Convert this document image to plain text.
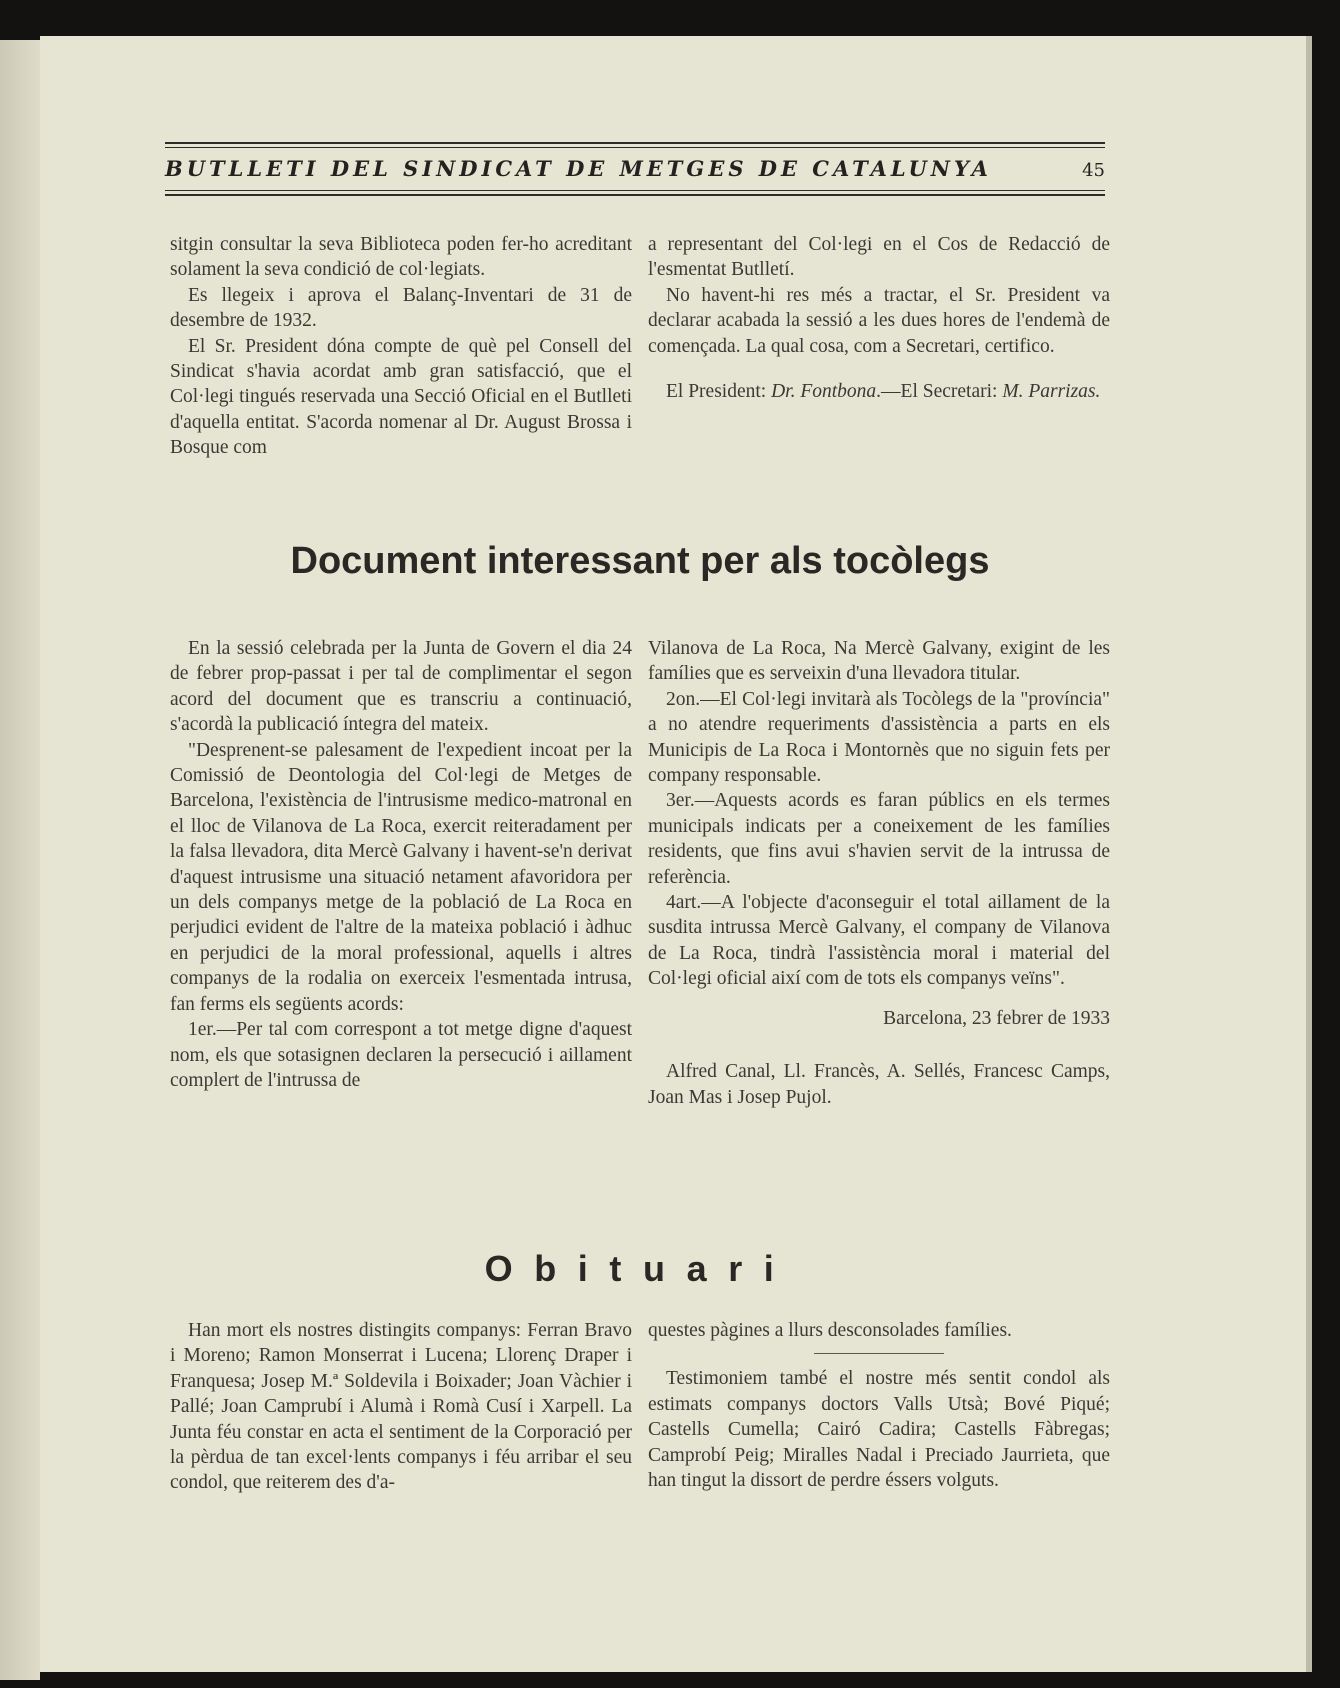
BUTLLETI DEL SINDICAT DE METGES DE CATALUNYA	45

sitgin consultar la seva Biblioteca poden fer-ho acreditant solament la seva condició de col·legiats.

Es llegeix i aprova el Balanç-Inventari de 31 de desembre de 1932.

El Sr. President dóna compte de què pel Consell del Sindicat s'havia acordat amb gran satisfacció, que el Col·legi tingués reservada una Secció Oficial en el Butlleti d'aquella entitat. S'acorda nomenar al Dr. August Brossa i Bosque com

a representant del Col·legi en el Cos de Redacció de l'esmentat Butlletí.

No havent-hi res més a tractar, el Sr. President va declarar acabada la sessió a les dues hores de l'endemà de començada. La qual cosa, com a Secretari, certifico.

El President: Dr. Fontbona.—El Secretari: M. Parrizas.

Document interessant per als tocòlegs

En la sessió celebrada per la Junta de Govern el dia 24 de febrer prop-passat i per tal de complimentar el segon acord del document que es transcriu a continuació, s'acordà la publicació íntegra del mateix.

"Desprenent-se palesament de l'expedient incoat per la Comissió de Deontologia del Col·legi de Metges de Barcelona, l'existència de l'intrusisme medico-matronal en el lloc de Vilanova de La Roca, exercit reiteradament per la falsa llevadora, dita Mercè Galvany i havent-se'n derivat d'aquest intrusisme una situació netament afavoridora per un dels companys metge de la població de La Roca en perjudici evident de l'altre de la mateixa població i àdhuc en perjudici de la moral professional, aquells i altres companys de la rodalia on exerceix l'esmentada intrusa, fan ferms els següents acords:

1er.—Per tal com correspont a tot metge digne d'aquest nom, els que sotasignen declaren la persecució i aillament complert de l'intrussa de

Vilanova de La Roca, Na Mercè Galvany, exigint de les famílies que es serveixin d'una llevadora titular.

2on.—El Col·legi invitarà als Tocòlegs de la "província" a no atendre requeriments d'assistència a parts en els Municipis de La Roca i Montornès que no siguin fets per company responsable.

3er.—Aquests acords es faran públics en els termes municipals indicats per a coneixement de les famílies residents, que fins avui s'havien servit de la intrussa de referència.

4art.—A l'objecte d'aconseguir el total aillament de la susdita intrussa Mercè Galvany, el company de Vilanova de La Roca, tindrà l'assistència moral i material del Col·legi oficial així com de tots els companys veïns".

Barcelona, 23 febrer de 1933

Alfred Canal, Ll. Francès, A. Sellés, Francesc Camps, Joan Mas i Josep Pujol.

Obituari

Han mort els nostres distingits companys: Ferran Bravo i Moreno; Ramon Monserrat i Lucena; Llorenç Draper i Franquesa; Josep M.ª Soldevila i Boixader; Joan Vàchier i Pallé; Joan Camprubí i Alumà i Romà Cusí i Xarpell. La Junta féu constar en acta el sentiment de la Corporació per la pèrdua de tan excel·lents companys i féu arribar el seu condol, que reiterem des d'a-

questes pàgines a llurs desconsolades famílies.

Testimoniem també el nostre més sentit condol als estimats companys doctors Valls Utsà; Bové Piqué; Castells Cumella; Cairó Cadira; Castells Fàbregas; Camprobí Peig; Miralles Nadal i Preciado Jaurrieta, que han tingut la dissort de perdre éssers volguts.
